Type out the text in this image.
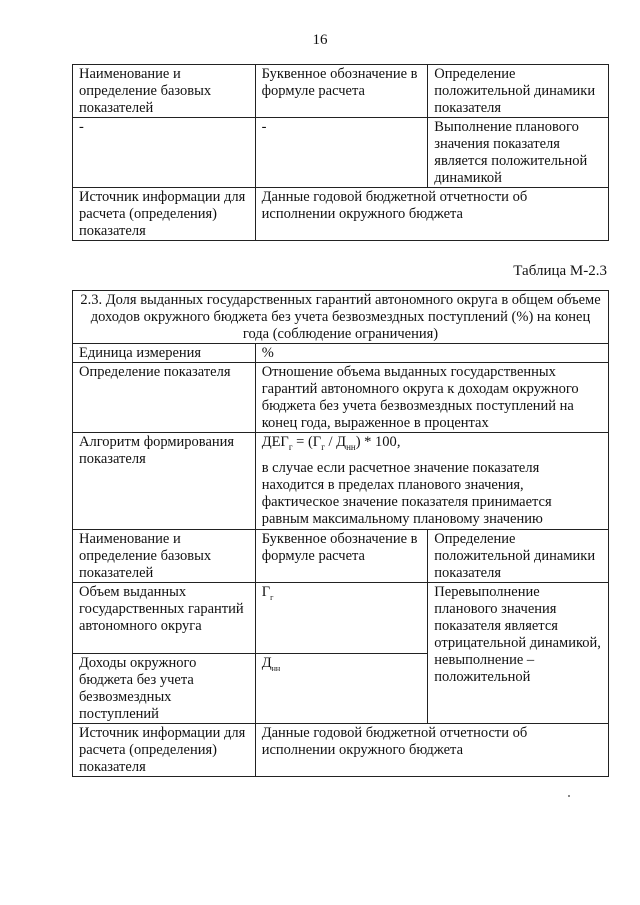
16
Наименование и определение базовых показателей	Буквенное обозначение в формуле расчета	Определение положительной динамики показателя
-	-	Выполнение планового значения показателя является положительной динамикой
Источник информации для расчета (определения) показателя	Данные годовой бюджетной отчетности об исполнении окружного бюджета	
Таблица М-2.3
2.3. Доля выданных государственных гарантий автономного округа в общем объеме доходов окружного бюджета без учета безвозмездных поступлений (%) на конец года (соблюдение ограничения)		
Единица измерения	%	
Определение показателя	Отношение объема выданных государственных гарантий автономного округа к доходам окружного бюджета без учета безвозмездных поступлений на конец года, выраженное в процентах	
Алгоритм формирования показателя	$ДЕГ_г = (Г_г / Д_{нн}) * 100$,
в случае если расчетное значение показателя находится в пределах планового значения, фактическое значение показателя принимается равным максимальному плановому значению	

Наименование и определение базовых показателей	Буквенное обозначение в формуле расчета	Определение положительной динамики показателя
Объем выданных государственных гарантий автономного округа	$Г_г$	Перевыполнение планового значения показателя является отрицательной динамикой, невыполнение – положительной
Доходы окружного бюджета без учета безвозмездных поступлений	$Д_{нн}$
Источник информации для расчета (определения) показателя	Данные годовой бюджетной отчетности об исполнении окружного бюджета	
